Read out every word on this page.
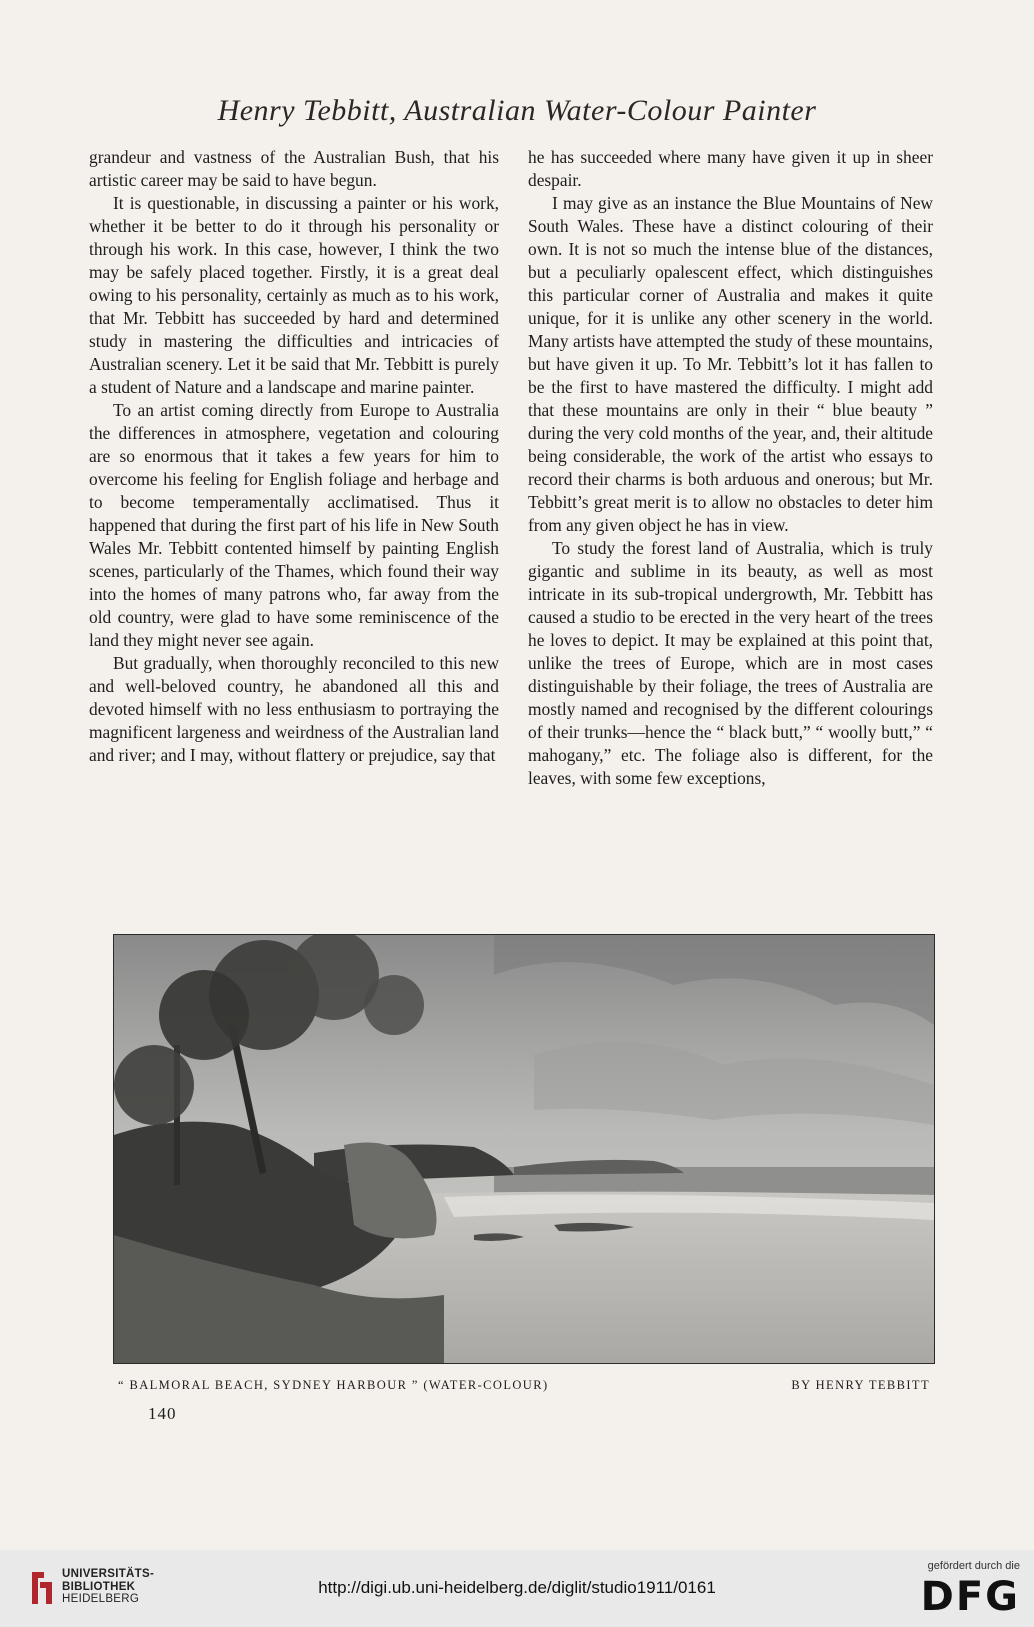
Henry Tebbitt, Australian Water-Colour Painter

grandeur and vastness of the Australian Bush, that his artistic career may be said to have begun.

It is questionable, in discussing a painter or his work, whether it be better to do it through his personality or through his work. In this case, however, I think the two may be safely placed together. Firstly, it is a great deal owing to his personality, certainly as much as to his work, that Mr. Tebbitt has succeeded by hard and determined study in mastering the difficulties and intricacies of Australian scenery. Let it be said that Mr. Tebbitt is purely a student of Nature and a landscape and marine painter.

To an artist coming directly from Europe to Australia the differences in atmosphere, vegetation and colouring are so enormous that it takes a few years for him to overcome his feeling for English foliage and herbage and to become temperamentally acclimatised. Thus it happened that during the first part of his life in New South Wales Mr. Tebbitt contented himself by painting English scenes, particularly of the Thames, which found their way into the homes of many patrons who, far away from the old country, were glad to have some reminiscence of the land they might never see again.

But gradually, when thoroughly reconciled to this new and well-beloved country, he abandoned all this and devoted himself with no less enthusiasm to portraying the magnificent largeness and weirdness of the Australian land and river; and I may, without flattery or prejudice, say that

he has succeeded where many have given it up in sheer despair.

I may give as an instance the Blue Mountains of New South Wales. These have a distinct colouring of their own. It is not so much the intense blue of the distances, but a peculiarly opalescent effect, which distinguishes this particular corner of Australia and makes it quite unique, for it is unlike any other scenery in the world. Many artists have attempted the study of these mountains, but have given it up. To Mr. Tebbitt’s lot it has fallen to be the first to have mastered the difficulty. I might add that these mountains are only in their “ blue beauty ” during the very cold months of the year, and, their altitude being considerable, the work of the artist who essays to record their charms is both arduous and onerous; but Mr. Tebbitt’s great merit is to allow no obstacles to deter him from any given object he has in view.

To study the forest land of Australia, which is truly gigantic and sublime in its beauty, as well as most intricate in its sub-tropical undergrowth, Mr. Tebbitt has caused a studio to be erected in the very heart of the trees he loves to depict. It may be explained at this point that, unlike the trees of Europe, which are in most cases distinguishable by their foliage, the trees of Australia are mostly named and recognised by the different colourings of their trunks—hence the “ black butt,” “ woolly butt,” “ mahogany,” etc. The foliage also is different, for the leaves, with some few exceptions,

“ BALMORAL BEACH, SYDNEY HARBOUR ” (WATER-COLOUR)	BY HENRY TEBBITT
140
UNIVERSITÄTS-
BIBLIOTHEK
HEIDELBERG
http://digi.ub.uni-heidelberg.de/diglit/studio1911/0161
gefördert durch die
DFG
